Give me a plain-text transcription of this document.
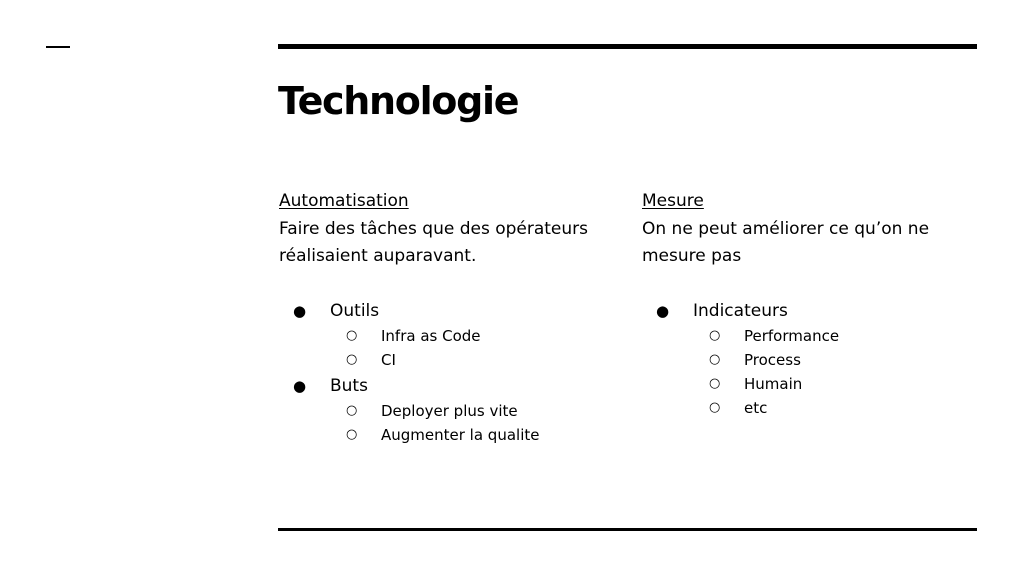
Technologie
Automatisation
Faire des tâches que des opérateurs réalisaient auparavant.
● Outils
○ Infra as Code
○ CI
● Buts
○ Deployer plus vite
○ Augmenter la qualite
Mesure
On ne peut améliorer ce qu’on ne mesure pas
● Indicateurs
○ Performance
○ Process
○ Humain
○ etc
